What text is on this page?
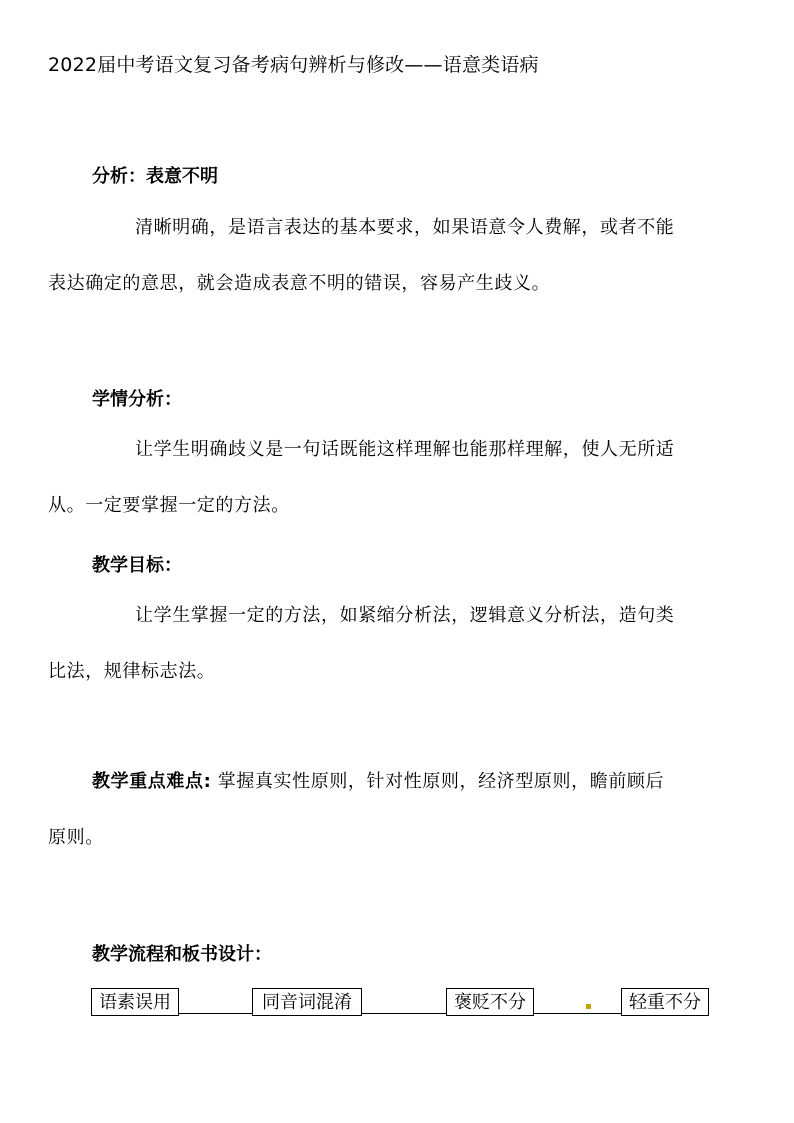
2022届中考语文复习备考病句辨析与修改——语意类语病
分析：表意不明
清晰明确，是语言表达的基本要求，如果语意令人费解，或者不能
表达确定的意思，就会造成表意不明的错误，容易产生歧义。
学情分析：
让学生明确歧义是一句话既能这样理解也能那样理解，使人无所适
从。一定要掌握一定的方法。
教学目标：
让学生掌握一定的方法，如紧缩分析法，逻辑意义分析法，造句类
比法，规律标志法。
教学重点难点: 掌握真实性原则，针对性原则，经济型原则，瞻前顾后
原则。
教学流程和板书设计：
语素误用	同音词混淆	褒贬不分	▪	轻重不分
